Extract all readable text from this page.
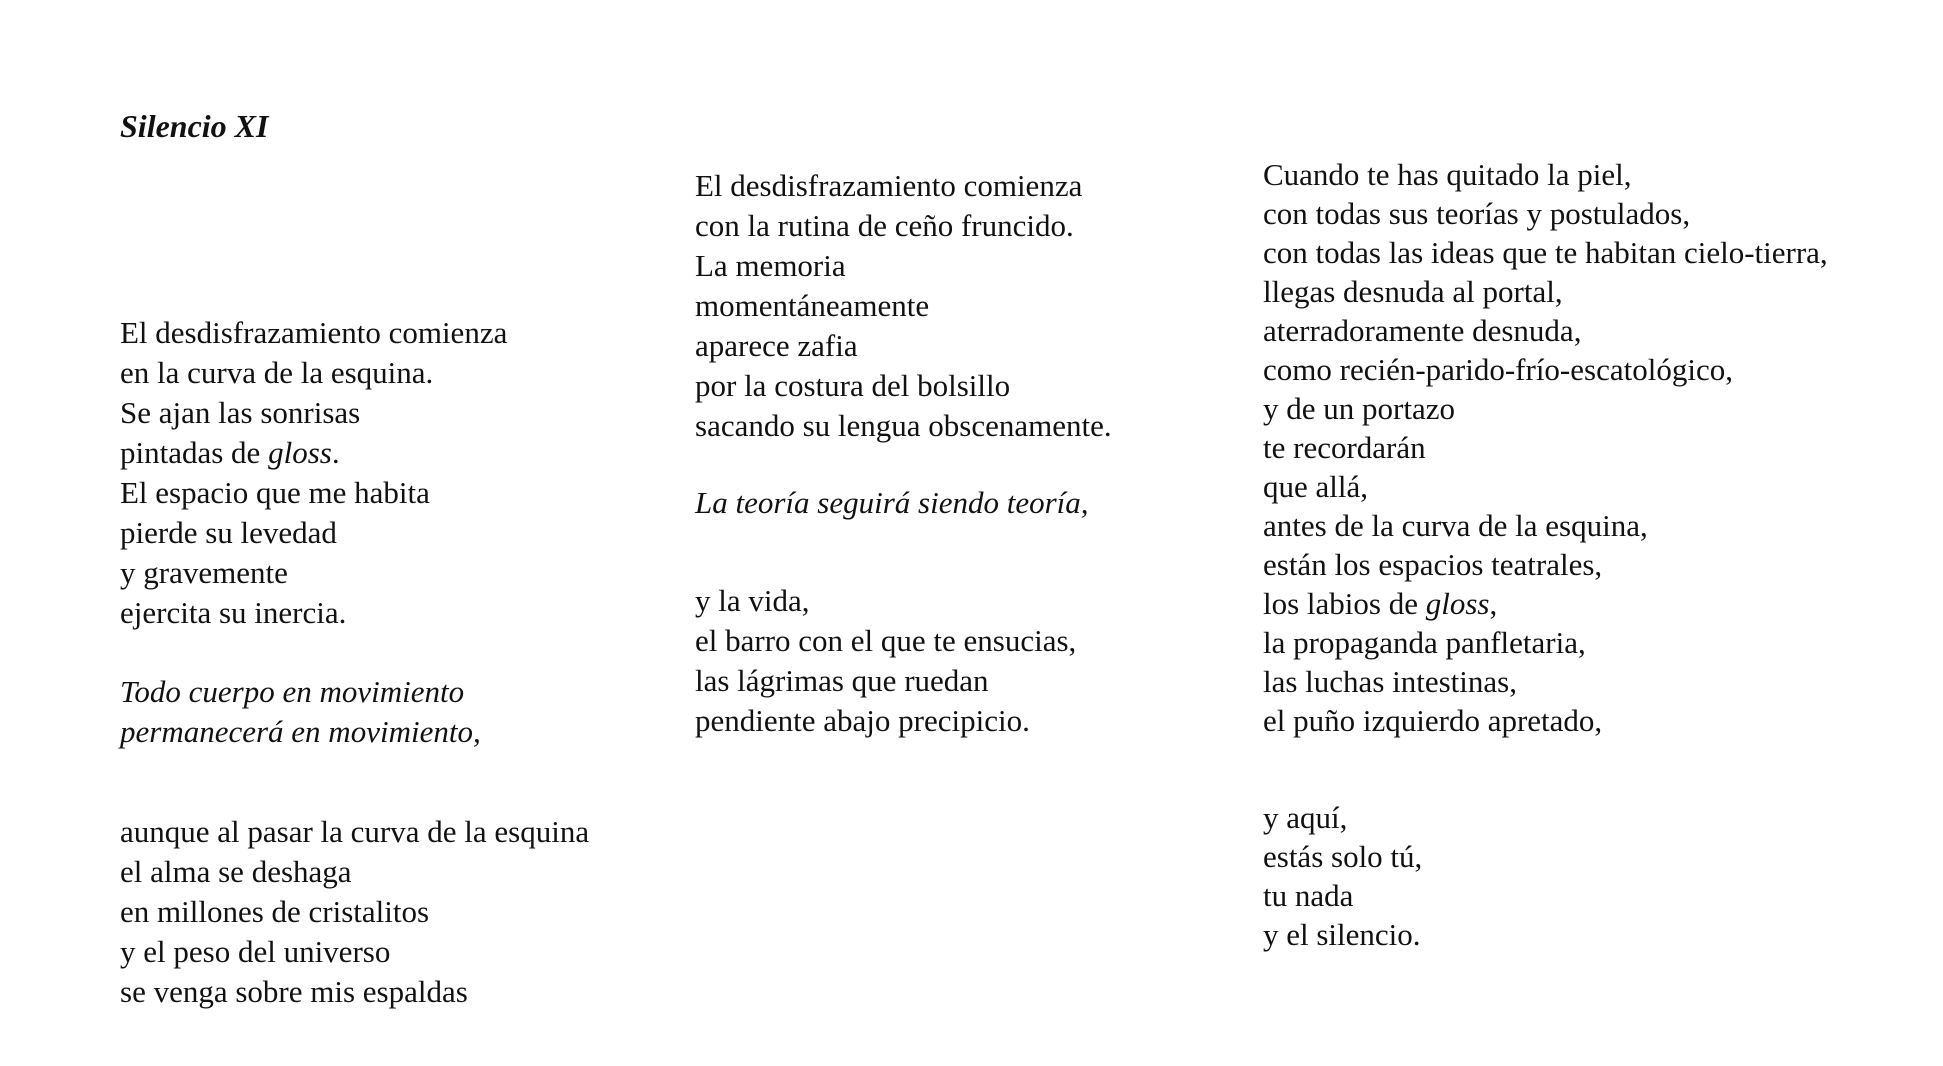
Silencio XI

El desdisfrazamiento comienza

en la curva de la esquina.

Se ajan las sonrisas

pintadas de gloss.

El espacio que me habita

pierde su levedad

y gravemente

ejercita su inercia.

Todo cuerpo en movimiento

permanecerá en movimiento,

aunque al pasar la curva de la esquina

el alma se deshaga

en millones de cristalitos

y el peso del universo

se venga sobre mis espaldas

El desdisfrazamiento comienza

con la rutina de ceño fruncido.

La memoria

momentáneamente

aparece zafia

por la costura del bolsillo

sacando su lengua obscenamente.

La teoría seguirá siendo teoría,

y la vida,

el barro con el que te ensucias,

las lágrimas que ruedan

pendiente abajo precipicio.

Cuando te has quitado la piel,

con todas sus teorías y postulados,

con todas las ideas que te habitan cielo-tierra,

llegas desnuda al portal,

aterradoramente desnuda,

como recién-parido-frío-escatológico,

y de un portazo

te recordarán

que allá,

antes de la curva de la esquina,

están los espacios teatrales,

los labios de gloss,

la propaganda panfletaria,

las luchas intestinas,

el puño izquierdo apretado,

y aquí,

estás solo tú,

tu nada

y el silencio.
